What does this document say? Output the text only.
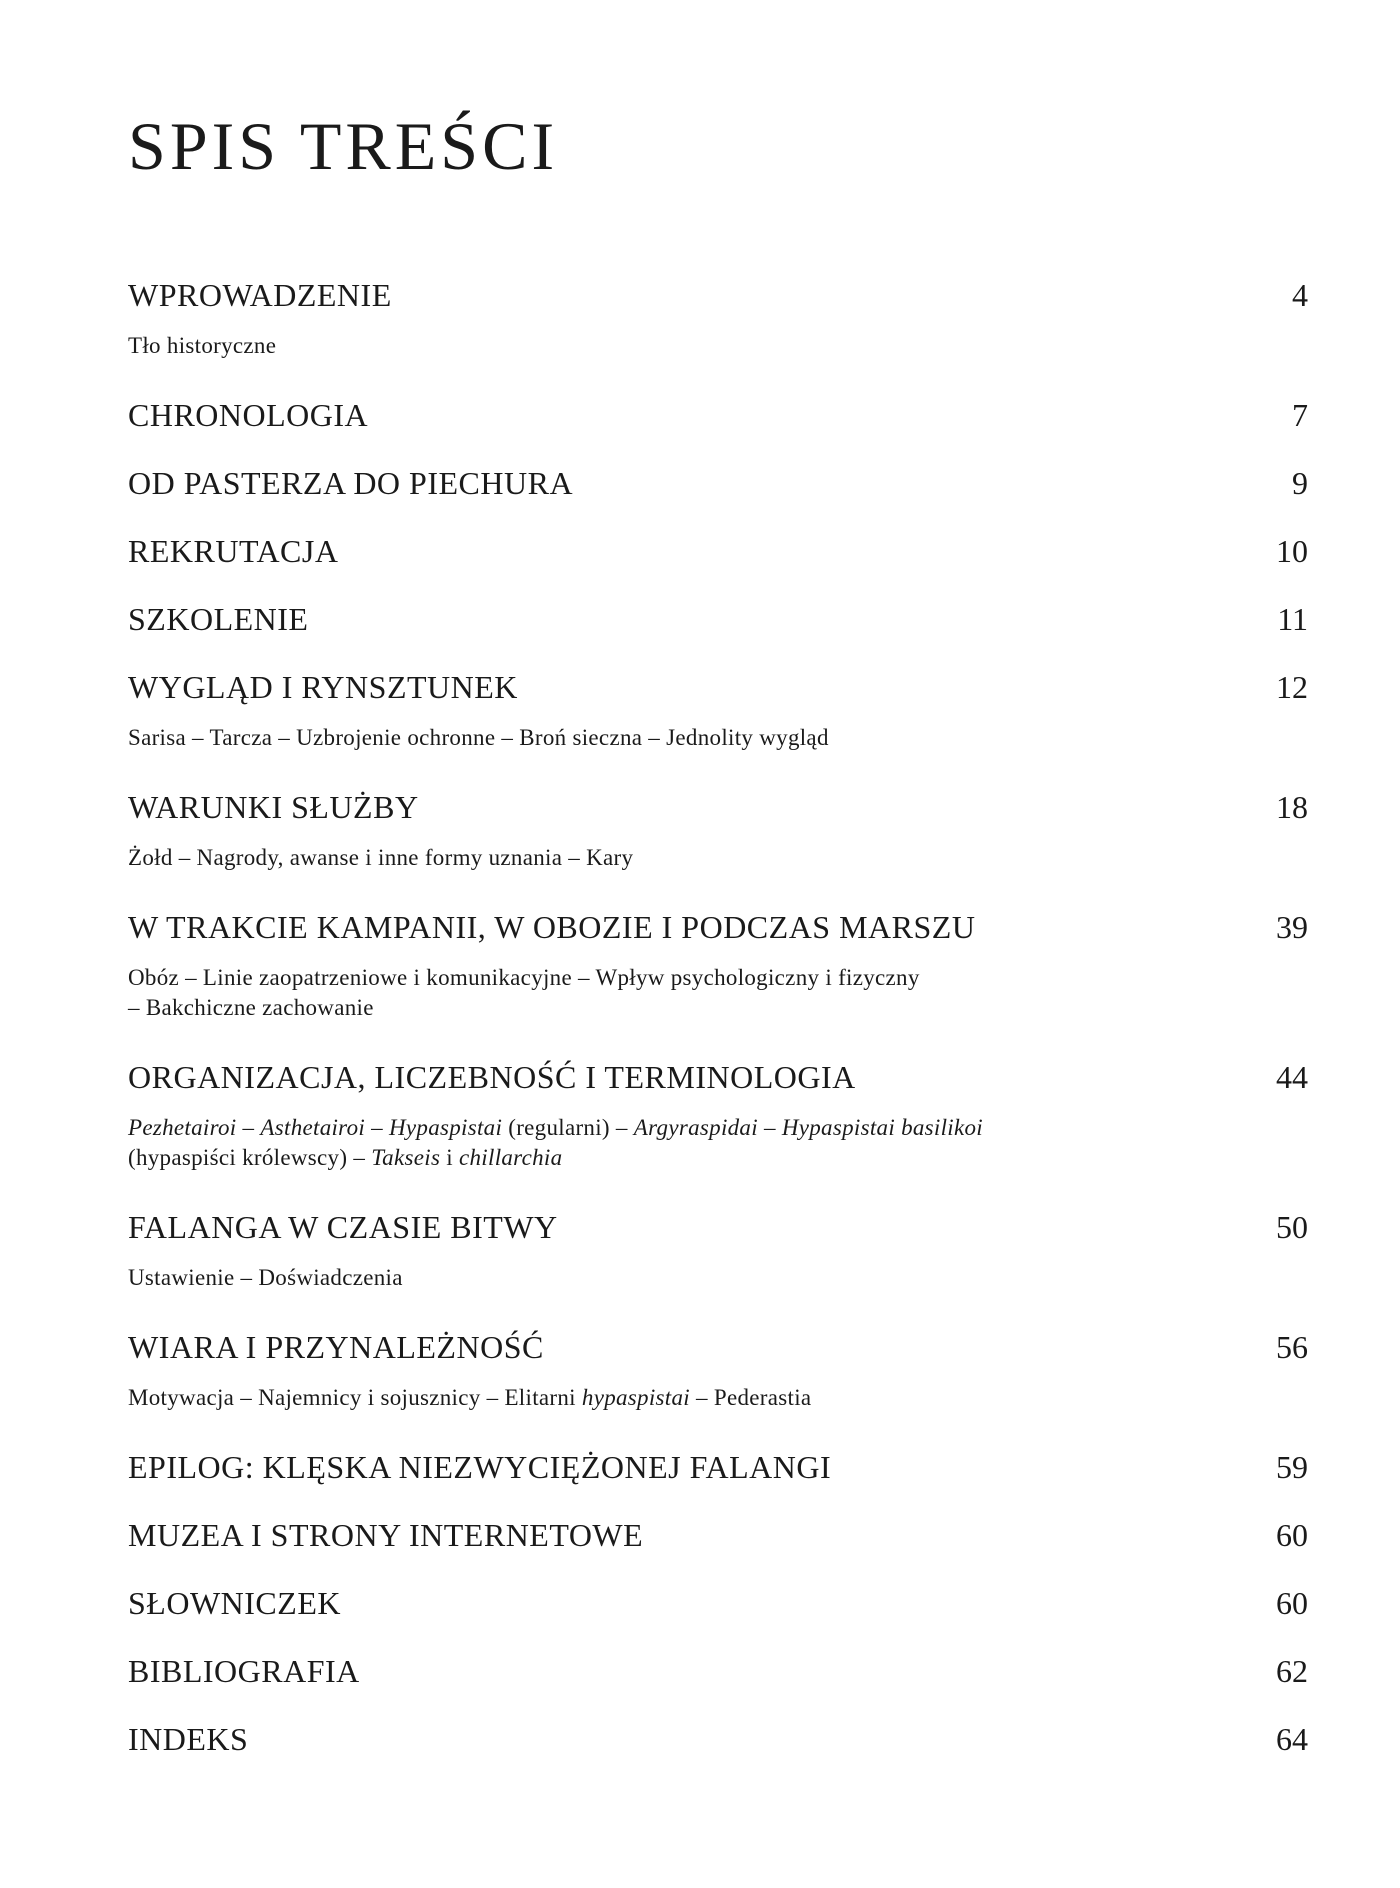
SPIS TREŚCI
WPROWADZENIE	4
Tło historyczne
CHRONOLOGIA	7
OD PASTERZA DO PIECHURA	9
REKRUTACJA	10
SZKOLENIE	11
WYGLĄD I RYNSZTUNEK	12
Sarisa – Tarcza – Uzbrojenie ochronne – Broń sieczna – Jednolity wygląd
WARUNKI SŁUŻBY	18
Żołd – Nagrody, awanse i inne formy uznania – Kary
W TRAKCIE KAMPANII, W OBOZIE I PODCZAS MARSZU	39
Obóz – Linie zaopatrzeniowe i komunikacyjne – Wpływ psychologiczny i fizyczny
– Bakchiczne zachowanie
ORGANIZACJA, LICZEBNOŚĆ I TERMINOLOGIA	44
Pezhetairoi – Asthetairoi – Hypaspistai (regularni) – Argyraspidai – Hypaspistai basilikoi
(hypaspiści królewscy) – Takseis i chillarchia
FALANGA W CZASIE BITWY	50
Ustawienie – Doświadczenia
WIARA I PRZYNALEŻNOŚĆ	56
Motywacja – Najemnicy i sojusznicy – Elitarni hypaspistai – Pederastia
EPILOG: KLĘSKA NIEZWYCIĘŻONEJ FALANGI	59
MUZEA I STRONY INTERNETOWE	60
SŁOWNICZEK	60
BIBLIOGRAFIA	62
INDEKS	64
